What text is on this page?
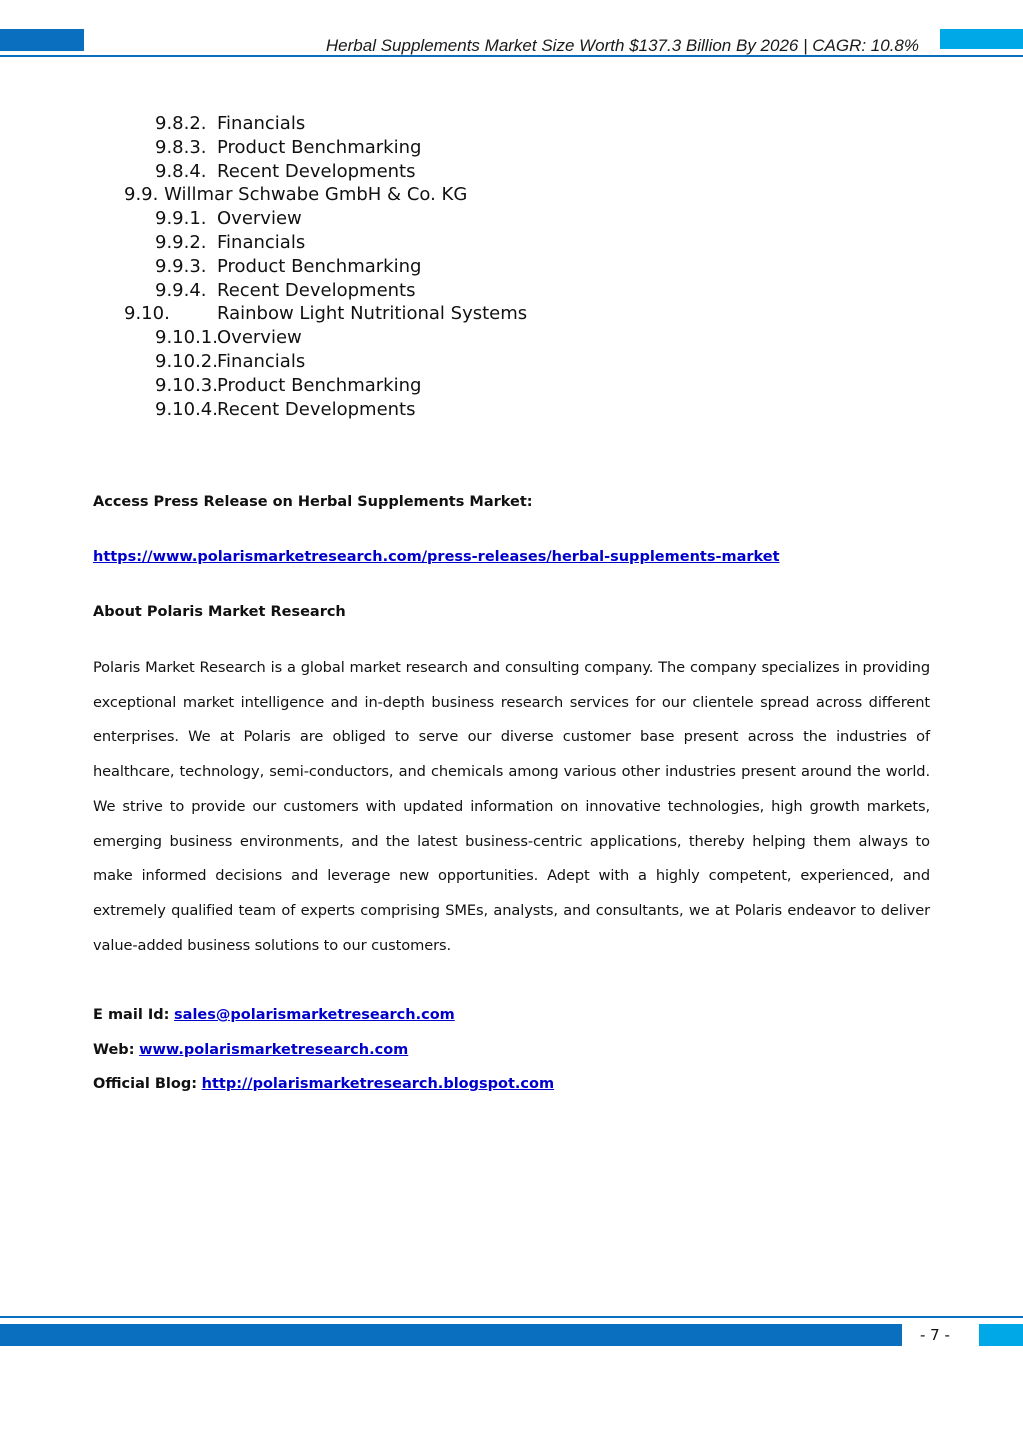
Herbal Supplements Market Size Worth $137.3 Billion By 2026 | CAGR: 10.8%
9.8.2. Financials
9.8.3. Product Benchmarking
9.8.4. Recent Developments
9.9.
Willmar Schwabe GmbH & Co. KG
9.9.1. Overview
9.9.2. Financials
9.9.3. Product Benchmarking
9.9.4. Recent Developments
9.10.	Rainbow Light Nutritional Systems
9.10.1. Overview
9.10.2. Financials
9.10.3. Product Benchmarking
9.10.4. Recent Developments
Access Press Release on Herbal Supplements Market:
https://www.polarismarketresearch.com/press-releases/herbal-supplements-market
About Polaris Market Research
Polaris Market Research is a global market research and consulting company. The company specializes in providing exceptional market intelligence and in-depth business research services for our clientele spread across different enterprises. We at Polaris are obliged to serve our diverse customer base present across the industries of healthcare, technology, semi-conductors, and chemicals among various other industries present around the world. We strive to provide our customers with updated information on innovative technologies, high growth markets, emerging business environments, and the latest business-centric applications, thereby helping them always to make informed decisions and leverage new opportunities. Adept with a highly competent, experienced, and extremely qualified team of experts comprising SMEs, analysts, and consultants, we at Polaris endeavor to deliver value-added business solutions to our customers.
E mail Id: sales@polarismarketresearch.com
Web: www.polarismarketresearch.com
Official Blog: http://polarismarketresearch.blogspot.com
- 7 -
